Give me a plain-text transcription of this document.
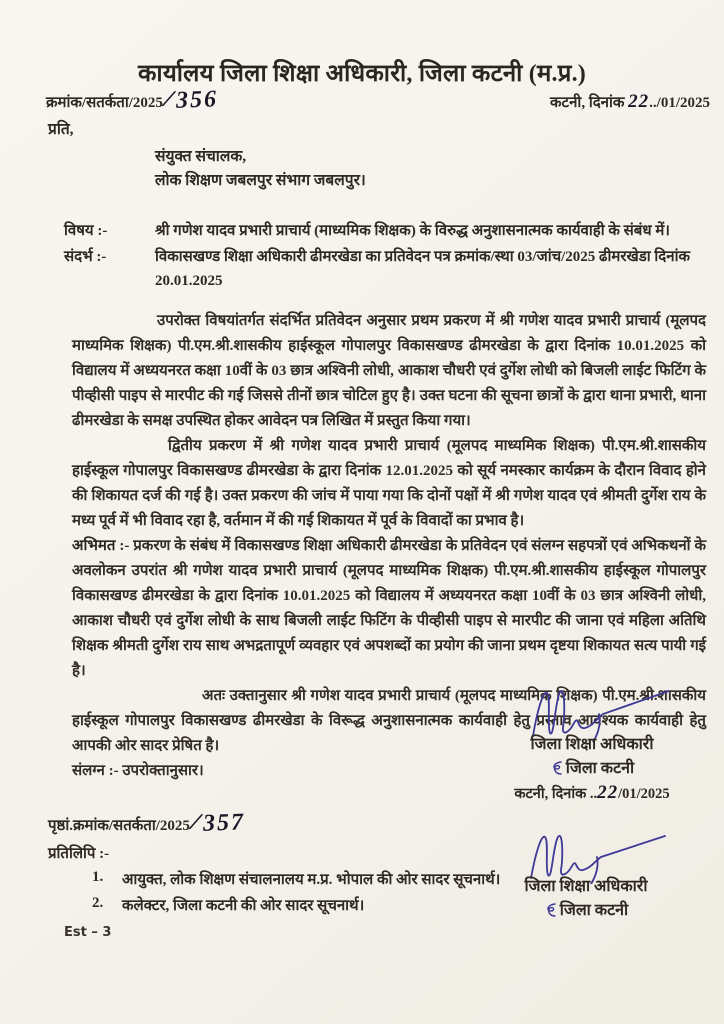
कार्यालय जिला शिक्षा अधिकारी, जिला कटनी (म.प्र.)
क्रमांक/सतर्कता/2025/356	कटनी, दिनांक 22../01/2025
प्रति,
संयुक्त संचालक,
लोक शिक्षण जबलपुर संभाग जबलपुर।
विषय :-	श्री गणेश यादव प्रभारी प्राचार्य (माध्यमिक शिक्षक) के विरुद्ध अनुशासनात्मक कार्यवाही के संबंध में।
संदर्भ :-	विकासखण्ड शिक्षा अधिकारी ढीमरखेडा का प्रतिवेदन पत्र क्रमांक/स्था 03/जांच/2025 ढीमरखेडा दिनांक 20.01.2025

उपरोक्त विषयांतर्गत संदर्भित प्रतिवेदन अनुसार प्रथम प्रकरण में श्री गणेश यादव प्रभारी प्राचार्य (मूलपद माध्यमिक शिक्षक) पी.एम.श्री.शासकीय हाईस्कूल गोपालपुर विकासखण्ड ढीमरखेडा के द्वारा दिनांक 10.01.2025 को विद्यालय में अध्ययनरत कक्षा 10वीं के 03 छात्र अश्विनी लोधी, आकाश चौधरी एवं दुर्गेश लोधी को बिजली लाईट फिटिंग के पीव्हीसी पाइप से मारपीट की गई जिससे तीनों छात्र चोटिल हुए है। उक्त घटना की सूचना छात्रों के द्वारा थाना प्रभारी, थाना ढीमरखेडा के समक्ष उपस्थित होकर आवेदन पत्र लिखित में प्रस्तुत किया गया।

द्वितीय प्रकरण में श्री गणेश यादव प्रभारी प्राचार्य (मूलपद माध्यमिक शिक्षक) पी.एम.श्री.शासकीय हाईस्कूल गोपालपुर विकासखण्ड ढीमरखेडा के द्वारा दिनांक 12.01.2025 को सूर्य नमस्कार कार्यक्रम के दौरान विवाद होने की शिकायत दर्ज की गई है। उक्त प्रकरण की जांच में पाया गया कि दोनों पक्षों में श्री गणेश यादव एवं श्रीमती दुर्गेश राय के मध्य पूर्व में भी विवाद रहा है, वर्तमान में की गई शिकायत में पूर्व के विवादों का प्रभाव है।

अभिमत :- प्रकरण के संबंध में विकासखण्ड शिक्षा अधिकारी ढीमरखेडा के प्रतिवेदन एवं संलग्न सहपत्रों एवं अभिकथनों के अवलोकन उपरांत श्री गणेश यादव प्रभारी प्राचार्य (मूलपद माध्यमिक शिक्षक) पी.एम.श्री.शासकीय हाईस्कूल गोपालपुर विकासखण्ड ढीमरखेडा के द्वारा दिनांक 10.01.2025 को विद्यालय में अध्ययनरत कक्षा 10वीं के 03 छात्र अश्विनी लोधी, आकाश चौधरी एवं दुर्गेश लोधी के साथ बिजली लाईट फिटिंग के पीव्हीसी पाइप से मारपीट की जाना एवं महिला अतिथि शिक्षक श्रीमती दुर्गेश राय साथ अभद्रतापूर्ण व्यवहार एवं अपशब्दों का प्रयोग की जाना प्रथम दृष्टया शिकायत सत्य पायी गई है।

अतः उक्तानुसार श्री गणेश यादव प्रभारी प्राचार्य (मूलपद माध्यमिक शिक्षक) पी.एम.श्री.शासकीय हाईस्कूल गोपालपुर विकासखण्ड ढीमरखेडा के विरूद्ध अनुशासनात्मक कार्यवाही हेतु प्रस्ताव आवश्यक कार्यवाही हेतु आपकी ओर सादर प्रेषित है।

संलग्न :- उपरोक्तानुसार।

जिला शिक्षा अधिकारी
जिला कटनी
कटनी, दिनांक ..22/01/2025
पृष्ठां.क्रमांक/सतर्कता/2025/357
प्रतिलिपि :-
1.	आयुक्त, लोक शिक्षण संचालनालय म.प्र. भोपाल की ओर सादर सूचनार्थ।
2.	कलेक्टर, जिला कटनी की ओर सादर सूचनार्थ।
जिला शिक्षा अधिकारी
जिला कटनी
Est – 3
